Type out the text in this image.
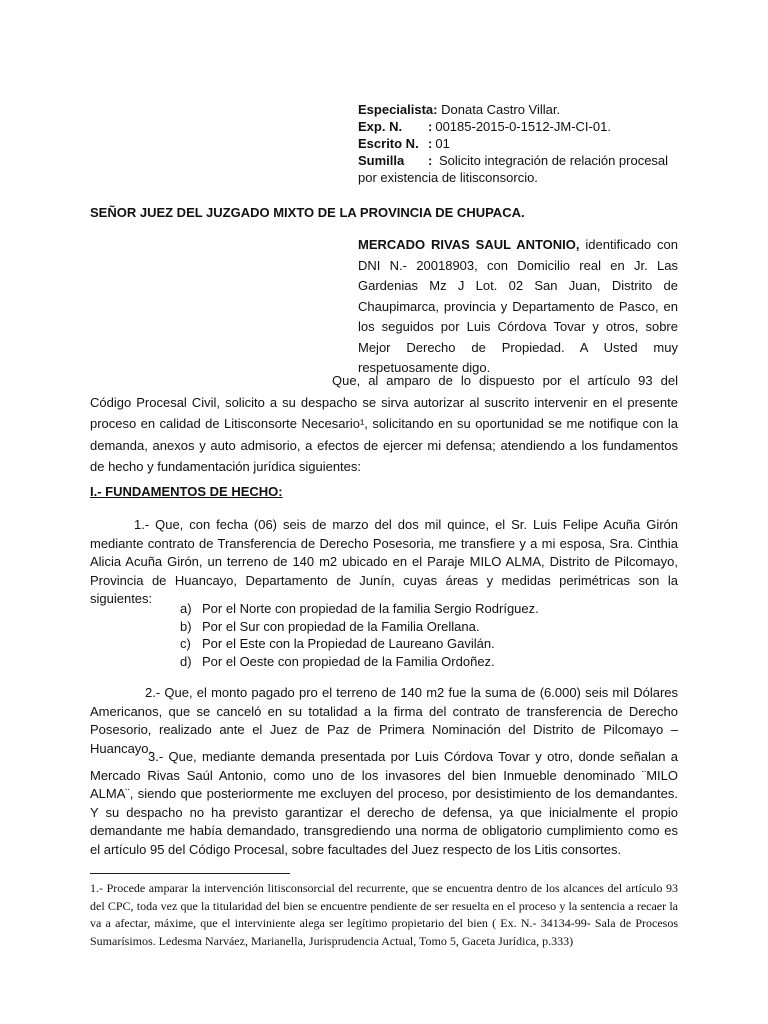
Especialista:
Donata Castro Villar.
Exp. N.	: 00185-2015-0-1512-JM-CI-01.
Escrito N. : 01
Sumilla : Solicito integración de relación procesal por existencia de litisconsorcio.
SEÑOR JUEZ DEL JUZGADO MIXTO DE LA PROVINCIA DE CHUPACA.
MERCADO RIVAS SAUL ANTONIO, identificado con DNI N.- 20018903, con Domicilio real en Jr. Las Gardenias Mz J Lot. 02 San Juan, Distrito de Chaupimarca, provincia y Departamento de Pasco, en los seguidos por Luis Córdova Tovar y otros, sobre Mejor Derecho de Propiedad. A Usted muy respetuosamente digo.
Que, al amparo de lo dispuesto por el artículo 93 del Código Procesal Civil, solicito a su despacho se sirva autorizar al suscrito intervenir en el presente proceso en calidad de Litisconsorte Necesario¹, solicitando en su oportunidad se me notifique con la demanda, anexos y auto admisorio, a efectos de ejercer mi defensa; atendiendo a los fundamentos de hecho y fundamentación jurídica siguientes:
I.- FUNDAMENTOS DE HECHO:
1.- Que, con fecha (06) seis de marzo del dos mil quince, el Sr. Luis Felipe Acuña Girón mediante contrato de Transferencia de Derecho Posesoria, me transfiere y a mi esposa, Sra. Cinthia Alicia Acuña Girón, un terreno de 140 m2 ubicado en el Paraje MILO ALMA, Distrito de Pilcomayo, Provincia de Huancayo, Departamento de Junín, cuyas áreas y medidas perimétricas son la siguientes:
a) Por el Norte con propiedad de la familia Sergio Rodríguez.
b) Por el Sur con propiedad de la Familia Orellana.
c) Por el Este con la Propiedad de Laureano Gavilán.
d) Por el Oeste con propiedad de la Familia Ordoñez.
2.- Que, el monto pagado pro el terreno de 140 m2 fue la suma de (6.000) seis mil Dólares Americanos, que se canceló en su totalidad a la firma del contrato de transferencia de Derecho Posesorio, realizado ante el Juez de Paz de Primera Nominación del Distrito de Pilcomayo – Huancayo.
3.- Que, mediante demanda presentada por Luis Córdova Tovar y otro, donde señalan a Mercado Rivas Saúl Antonio, como uno de los invasores del bien Inmueble denominado ¨MILO ALMA¨, siendo que posteriormente me excluyen del proceso, por desistimiento de los demandantes. Y su despacho no ha previsto garantizar el derecho de defensa, ya que inicialmente el propio demandante me había demandado, transgrediendo una norma de obligatorio cumplimiento como es el artículo 95 del Código Procesal, sobre facultades del Juez respecto de los Litis consortes.
1.- Procede amparar la intervención litisconsorcial del recurrente, que se encuentra dentro de los alcances del artículo 93 del CPC, toda vez que la titularidad del bien se encuentre pendiente de ser resuelta en el proceso y la sentencia a recaer la va a afectar, máxime, que el interviniente alega ser legítimo propietario del bien ( Ex. N.- 34134-99- Sala de Procesos Sumarísimos. Ledesma Narváez, Marianella, Jurisprudencia Actual, Tomo 5, Gaceta Jurídica, p.333)
